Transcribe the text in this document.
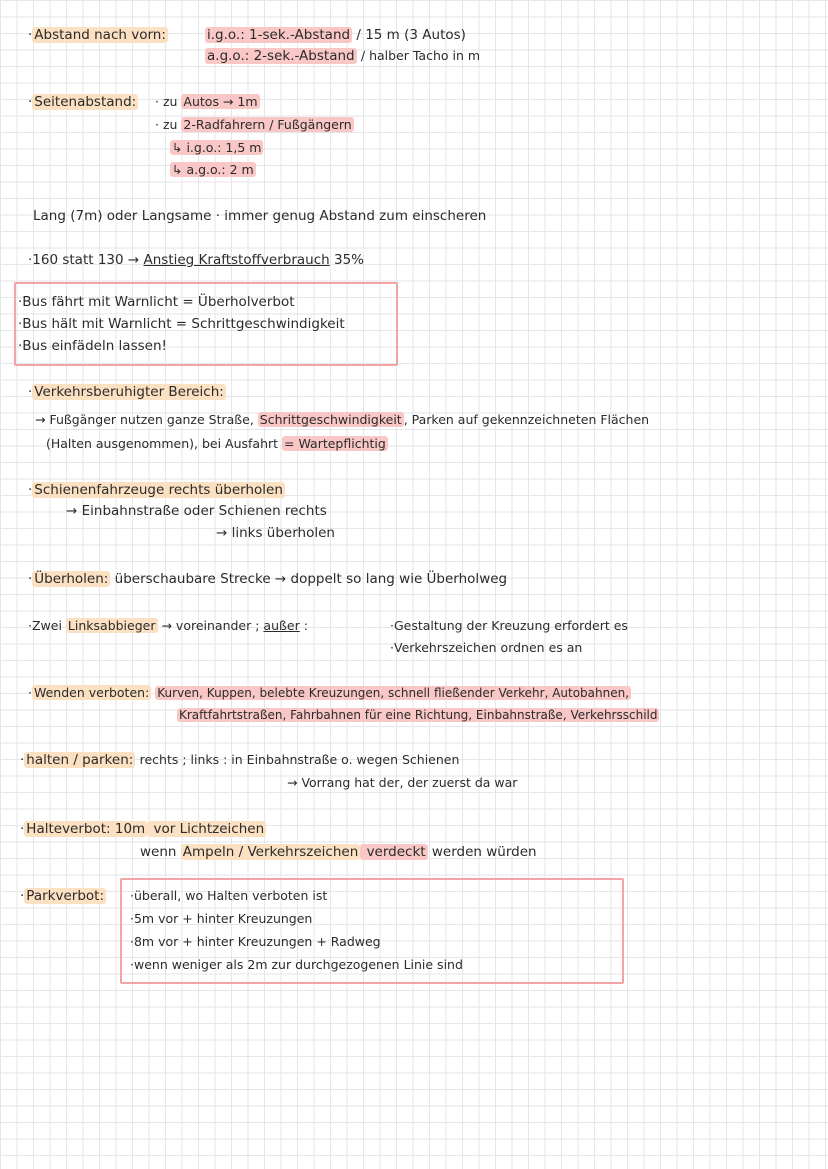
· Abstand nach vorn:	i.g.o.: 1-sek.-Abstand / 15 m (3 Autos)
a.g.o.: 2-sek.-Abstand / halber Tacho in m
· Seitenabstand: · zu Autos → 1m
· zu 2-Radfahrern / Fußgängern
↳ i.g.o.: 1,5 m
↳ a.g.o.: 2 m
Lang (7m) oder Langsame · immer genug Abstand zum einscheren
· 160 statt 130 → Anstieg Kraftstoffverbrauch 35%
· Bus fährt mit Warnlicht = Überholverbot
· Bus hält mit Warnlicht = Schrittgeschwindigkeit
· Bus einfädeln lassen!
· Verkehrsberuhigter Bereich:
→ Fußgänger nutzen ganze Straße, Schrittgeschwindigkeit , Parken auf gekennzeichneten Flächen
(Halten ausgenommen), bei Ausfahrt = Wartepflichtig
· Schienenfahrzeuge rechts überholen
→ Einbahnstraße oder Schienen rechts
→ links überholen
· Überholen: überschaubare Strecke → doppelt so lang wie Überholweg
· Zwei Linksabbieger → voreinander ; außer :	· Gestaltung der Kreuzung erfordert es
· Verkehrszeichen ordnen es an
· Wenden verboten: Kurven, Kuppen, belebte Kreuzungen, schnell fließender Verkehr, Autobahnen,
Kraftfahrtstraßen, Fahrbahnen für eine Richtung, Einbahnstraße, Verkehrsschild
· halten / parken: rechts ; links : in Einbahnstraße o. wegen Schienen
→ Vorrang hat der, der zuerst da war
· Halteverbot: 10m vor Lichtzeichen
wenn Ampeln / Verkehrszeichen verdeckt werden würden
· Parkverbot:	· überall, wo Halten verboten ist
· 5m vor + hinter Kreuzungen
· 8m vor + hinter Kreuzungen + Radweg
· wenn weniger als 2m zur durchgezogenen Linie sind
